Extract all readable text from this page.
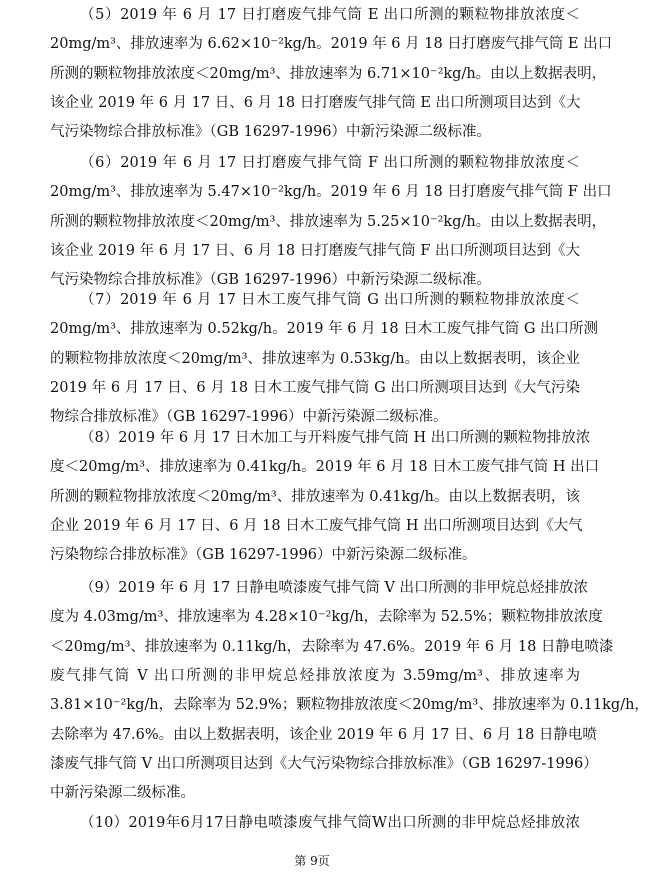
（5）2019 年 6 月 17 日打磨废气排气筒 E 出口所测的颗粒物排放浓度＜
20mg/m³、排放速率为 6.62×10⁻²kg/h。2019 年 6 月 18 日打磨废气排气筒 E 出口
所测的颗粒物排放浓度＜20mg/m³、排放速率为 6.71×10⁻²kg/h。由以上数据表明，
该企业 2019 年 6 月 17 日、6 月 18 日打磨废气排气筒 E 出口所测项目达到《大
气污染物综合排放标准》（GB 16297-1996）中新污染源二级标准。
（6）2019 年 6 月 17 日打磨废气排气筒 F 出口所测的颗粒物排放浓度＜
20mg/m³、排放速率为 5.47×10⁻²kg/h。2019 年 6 月 18 日打磨废气排气筒 F 出口
所测的颗粒物排放浓度＜20mg/m³、排放速率为 5.25×10⁻²kg/h。由以上数据表明，
该企业 2019 年 6 月 17 日、6 月 18 日打磨废气排气筒 F 出口所测项目达到《大
气污染物综合排放标准》（GB 16297-1996）中新污染源二级标准。
（7）2019 年 6 月 17 日木工废气排气筒 G 出口所测的颗粒物排放浓度＜
20mg/m³、排放速率为 0.52kg/h。2019 年 6 月 18 日木工废气排气筒 G 出口所测
的颗粒物排放浓度＜20mg/m³、排放速率为 0.53kg/h。由以上数据表明，该企业
2019 年 6 月 17 日、6 月 18 日木工废气排气筒 G 出口所测项目达到《大气污染
物综合排放标准》（GB 16297-1996）中新污染源二级标准。
（8）2019 年 6 月 17 日木加工与开料废气排气筒 H 出口所测的颗粒物排放浓
度＜20mg/m³、排放速率为 0.41kg/h。2019 年 6 月 18 日木工废气排气筒 H 出口
所测的颗粒物排放浓度＜20mg/m³、排放速率为 0.41kg/h。由以上数据表明，该
企业 2019 年 6 月 17 日、6 月 18 日木工废气排气筒 H 出口所测项目达到《大气
污染物综合排放标准》（GB 16297-1996）中新污染源二级标准。
（9）2019 年 6 月 17 日静电喷漆废气排气筒 V 出口所测的非甲烷总烃排放浓
度为 4.03mg/m³、排放速率为 4.28×10⁻²kg/h，去除率为 52.5%；颗粒物排放浓度
＜20mg/m³、排放速率为 0.11kg/h，去除率为 47.6%。2019 年 6 月 18 日静电喷漆
废气排气筒 V 出口所测的非甲烷总烃排放浓度为 3.59mg/m³、排放速率为
3.81×10⁻²kg/h，去除率为 52.9%；颗粒物排放浓度＜20mg/m³、排放速率为 0.11kg/h，
去除率为 47.6%。由以上数据表明，该企业 2019 年 6 月 17 日、6 月 18 日静电喷
漆废气排气筒 V 出口所测项目达到《大气污染物综合排放标准》（GB 16297-1996）
中新污染源二级标准。
（10）2019年6月17日静电喷漆废气排气筒W出口所测的非甲烷总烃排放浓
第 9页
